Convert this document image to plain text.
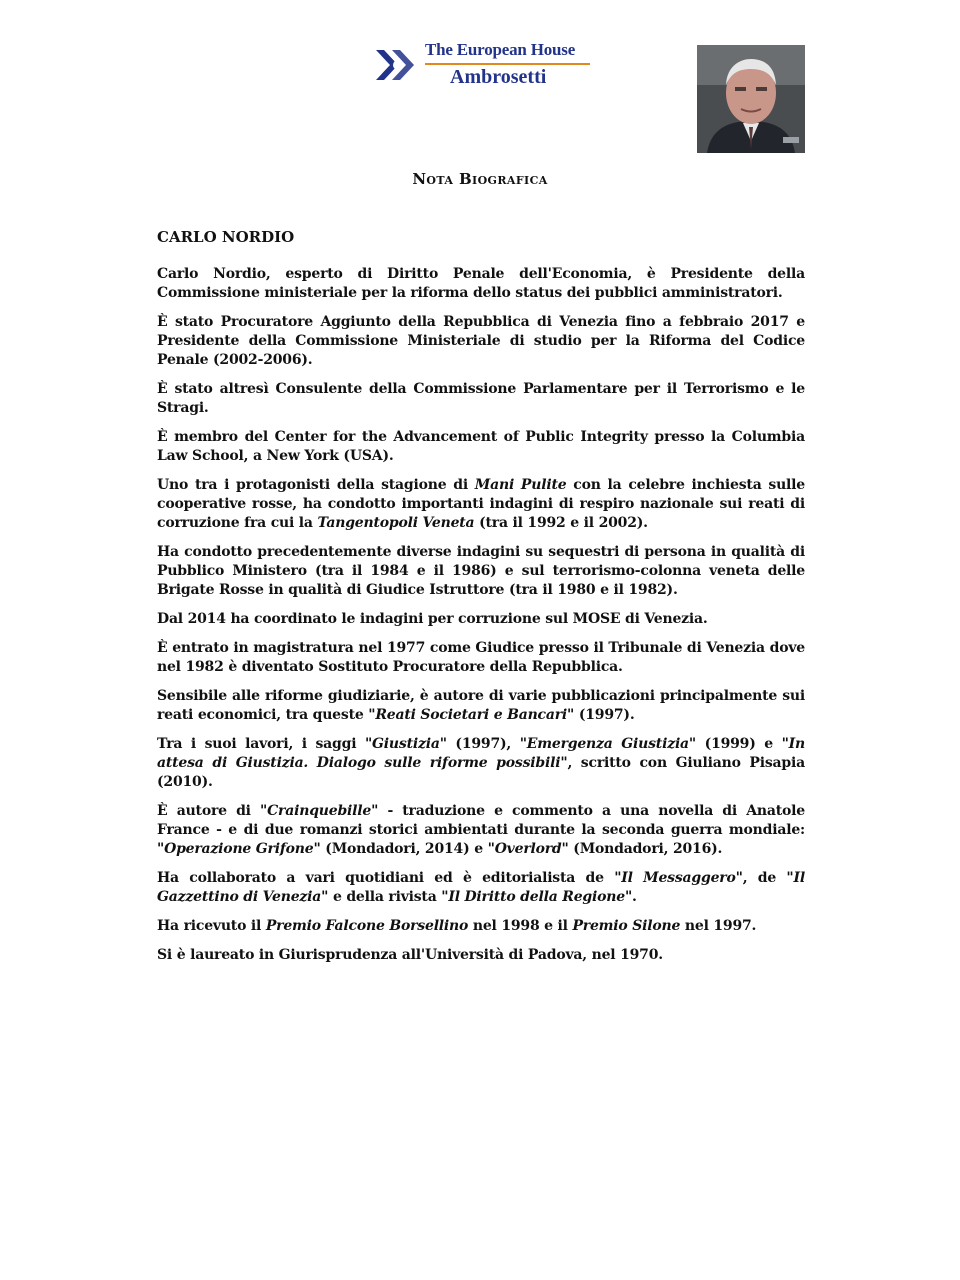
The European House
Ambrosetti
Nota Biografica
CARLO NORDIO

Carlo Nordio, esperto di Diritto Penale dell'Economia, è Presidente della Commissione ministeriale per la riforma dello status dei pubblici amministratori.

È stato Procuratore Aggiunto della Repubblica di Venezia fino a febbraio 2017 e Presidente della Commissione Ministeriale di studio per la Riforma del Codice Penale (2002-2006).

È stato altresì Consulente della Commissione Parlamentare per il Terrorismo e le Stragi.

È membro del Center for the Advancement of Public Integrity presso la Columbia Law School, a New York (USA).

Uno tra i protagonisti della stagione di Mani Pulite con la celebre inchiesta sulle cooperative rosse, ha condotto importanti indagini di respiro nazionale sui reati di corruzione fra cui la Tangentopoli Veneta (tra il 1992 e il 2002).

Ha condotto precedentemente diverse indagini su sequestri di persona in qualità di Pubblico Ministero (tra il 1984 e il 1986) e sul terrorismo-colonna veneta delle Brigate Rosse in qualità di Giudice Istruttore (tra il 1980 e il 1982).

Dal 2014 ha coordinato le indagini per corruzione sul MOSE di Venezia.

È entrato in magistratura nel 1977 come Giudice presso il Tribunale di Venezia dove nel 1982 è diventato Sostituto Procuratore della Repubblica.

Sensibile alle riforme giudiziarie, è autore di varie pubblicazioni principalmente sui reati economici, tra queste "Reati Societari e Bancari" (1997).

Tra i suoi lavori, i saggi "Giustizia" (1997), "Emergenza Giustizia" (1999) e "In attesa di Giustizia. Dialogo sulle riforme possibili", scritto con Giuliano Pisapia (2010).

È autore di "Crainquebille" - traduzione e commento a una novella di Anatole France - e di due romanzi storici ambientati durante la seconda guerra mondiale: "Operazione Grifone" (Mondadori, 2014) e "Overlord" (Mondadori, 2016).

Ha collaborato a vari quotidiani ed è editorialista de "Il Messaggero", de "Il Gazzettino di Venezia" e della rivista "Il Diritto della Regione".

Ha ricevuto il Premio Falcone Borsellino nel 1998 e il Premio Silone nel 1997.

Si è laureato in Giurisprudenza all'Università di Padova, nel 1970.
